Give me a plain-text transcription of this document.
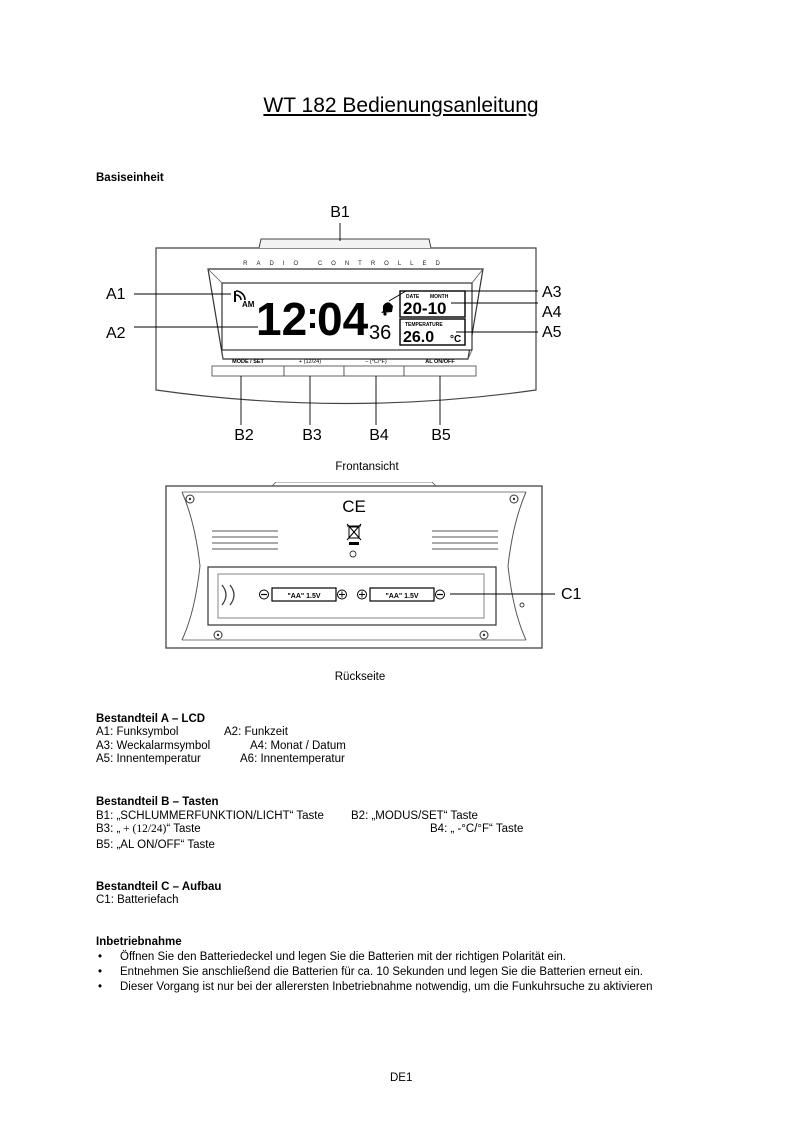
WT 182 Bedienungsanleitung
Basiseinheit
RADIO CONTROLLED
AM 12 04 36
DATE MONTH
20-10
TEMPERATURE
26.0 °C
MODE / SET	+ (12/24)	– (°C/°F)	AL ON/OFF
B1
A1
A2
A3
A4
A5
B2	B3	B4	B5
Frontansicht
CE
"AA" 1.5V	"AA" 1.5V	C1
Rückseite
Bestandteil A – LCD
A1: Funksymbol	A2: Funkzeit
A3: Weckalarmsymbol	A4: Monat / Datum
A5: Innentemperatur	A6: Innentemperatur
Bestandteil B – Tasten
B1: „SCHLUMMERFUNKTION/LICHT“ Taste B2: „MODUS/SET“ Taste
B3: „ + (12/24)“ Taste	B4: „ -°C/°F“ Taste
B5: „AL ON/OFF“ Taste
Bestandteil C – Aufbau
C1: Batteriefach
Inbetriebnahme
• Öffnen Sie den Batteriedeckel und legen Sie die Batterien mit der richtigen Polarität ein.
• Entnehmen Sie anschließend die Batterien für ca. 10 Sekunden und legen Sie die Batterien erneut ein.
• Dieser Vorgang ist nur bei der allerersten Inbetriebnahme notwendig, um die Funkuhrsuche zu aktivieren
DE1
